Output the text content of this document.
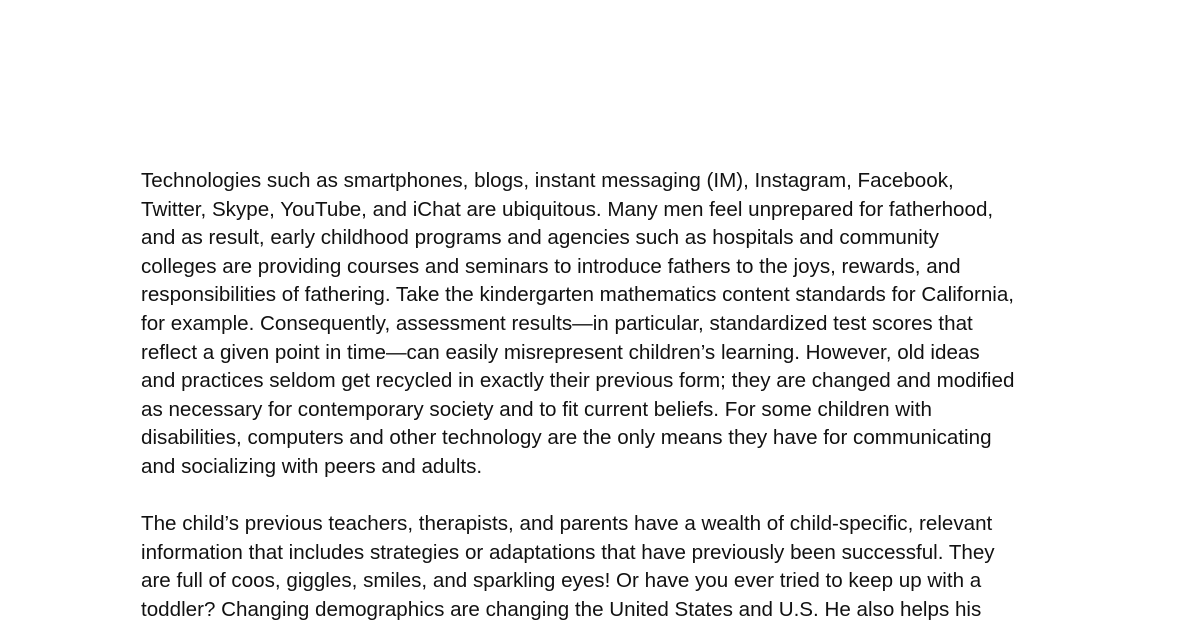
Technologies such as smartphones, blogs, instant messaging (IM), Instagram, Facebook,
Twitter, Skype, YouTube, and iChat are ubiquitous. Many men feel unprepared for fatherhood,
and as result, early childhood programs and agencies such as hospitals and community
colleges are providing courses and seminars to introduce fathers to the joys, rewards, and
responsibilities of fathering. Take the kindergarten mathematics content standards for California,
for example. Consequently, assessment results—in particular, standardized test scores that
reflect a given point in time—can easily misrepresent children’s learning. However, old ideas
and practices seldom get recycled in exactly their previous form; they are changed and modified
as necessary for contemporary society and to fit current beliefs. For some children with
disabilities, computers and other technology are the only means they have for communicating
and socializing with peers and adults.

The child’s previous teachers, therapists, and parents have a wealth of child-specific, relevant
information that includes strategies or adaptations that have previously been successful. They
are full of coos, giggles, smiles, and sparkling eyes! Or have you ever tried to keep up with a
toddler? Changing demographics are changing the United States and U.S. He also helps his
